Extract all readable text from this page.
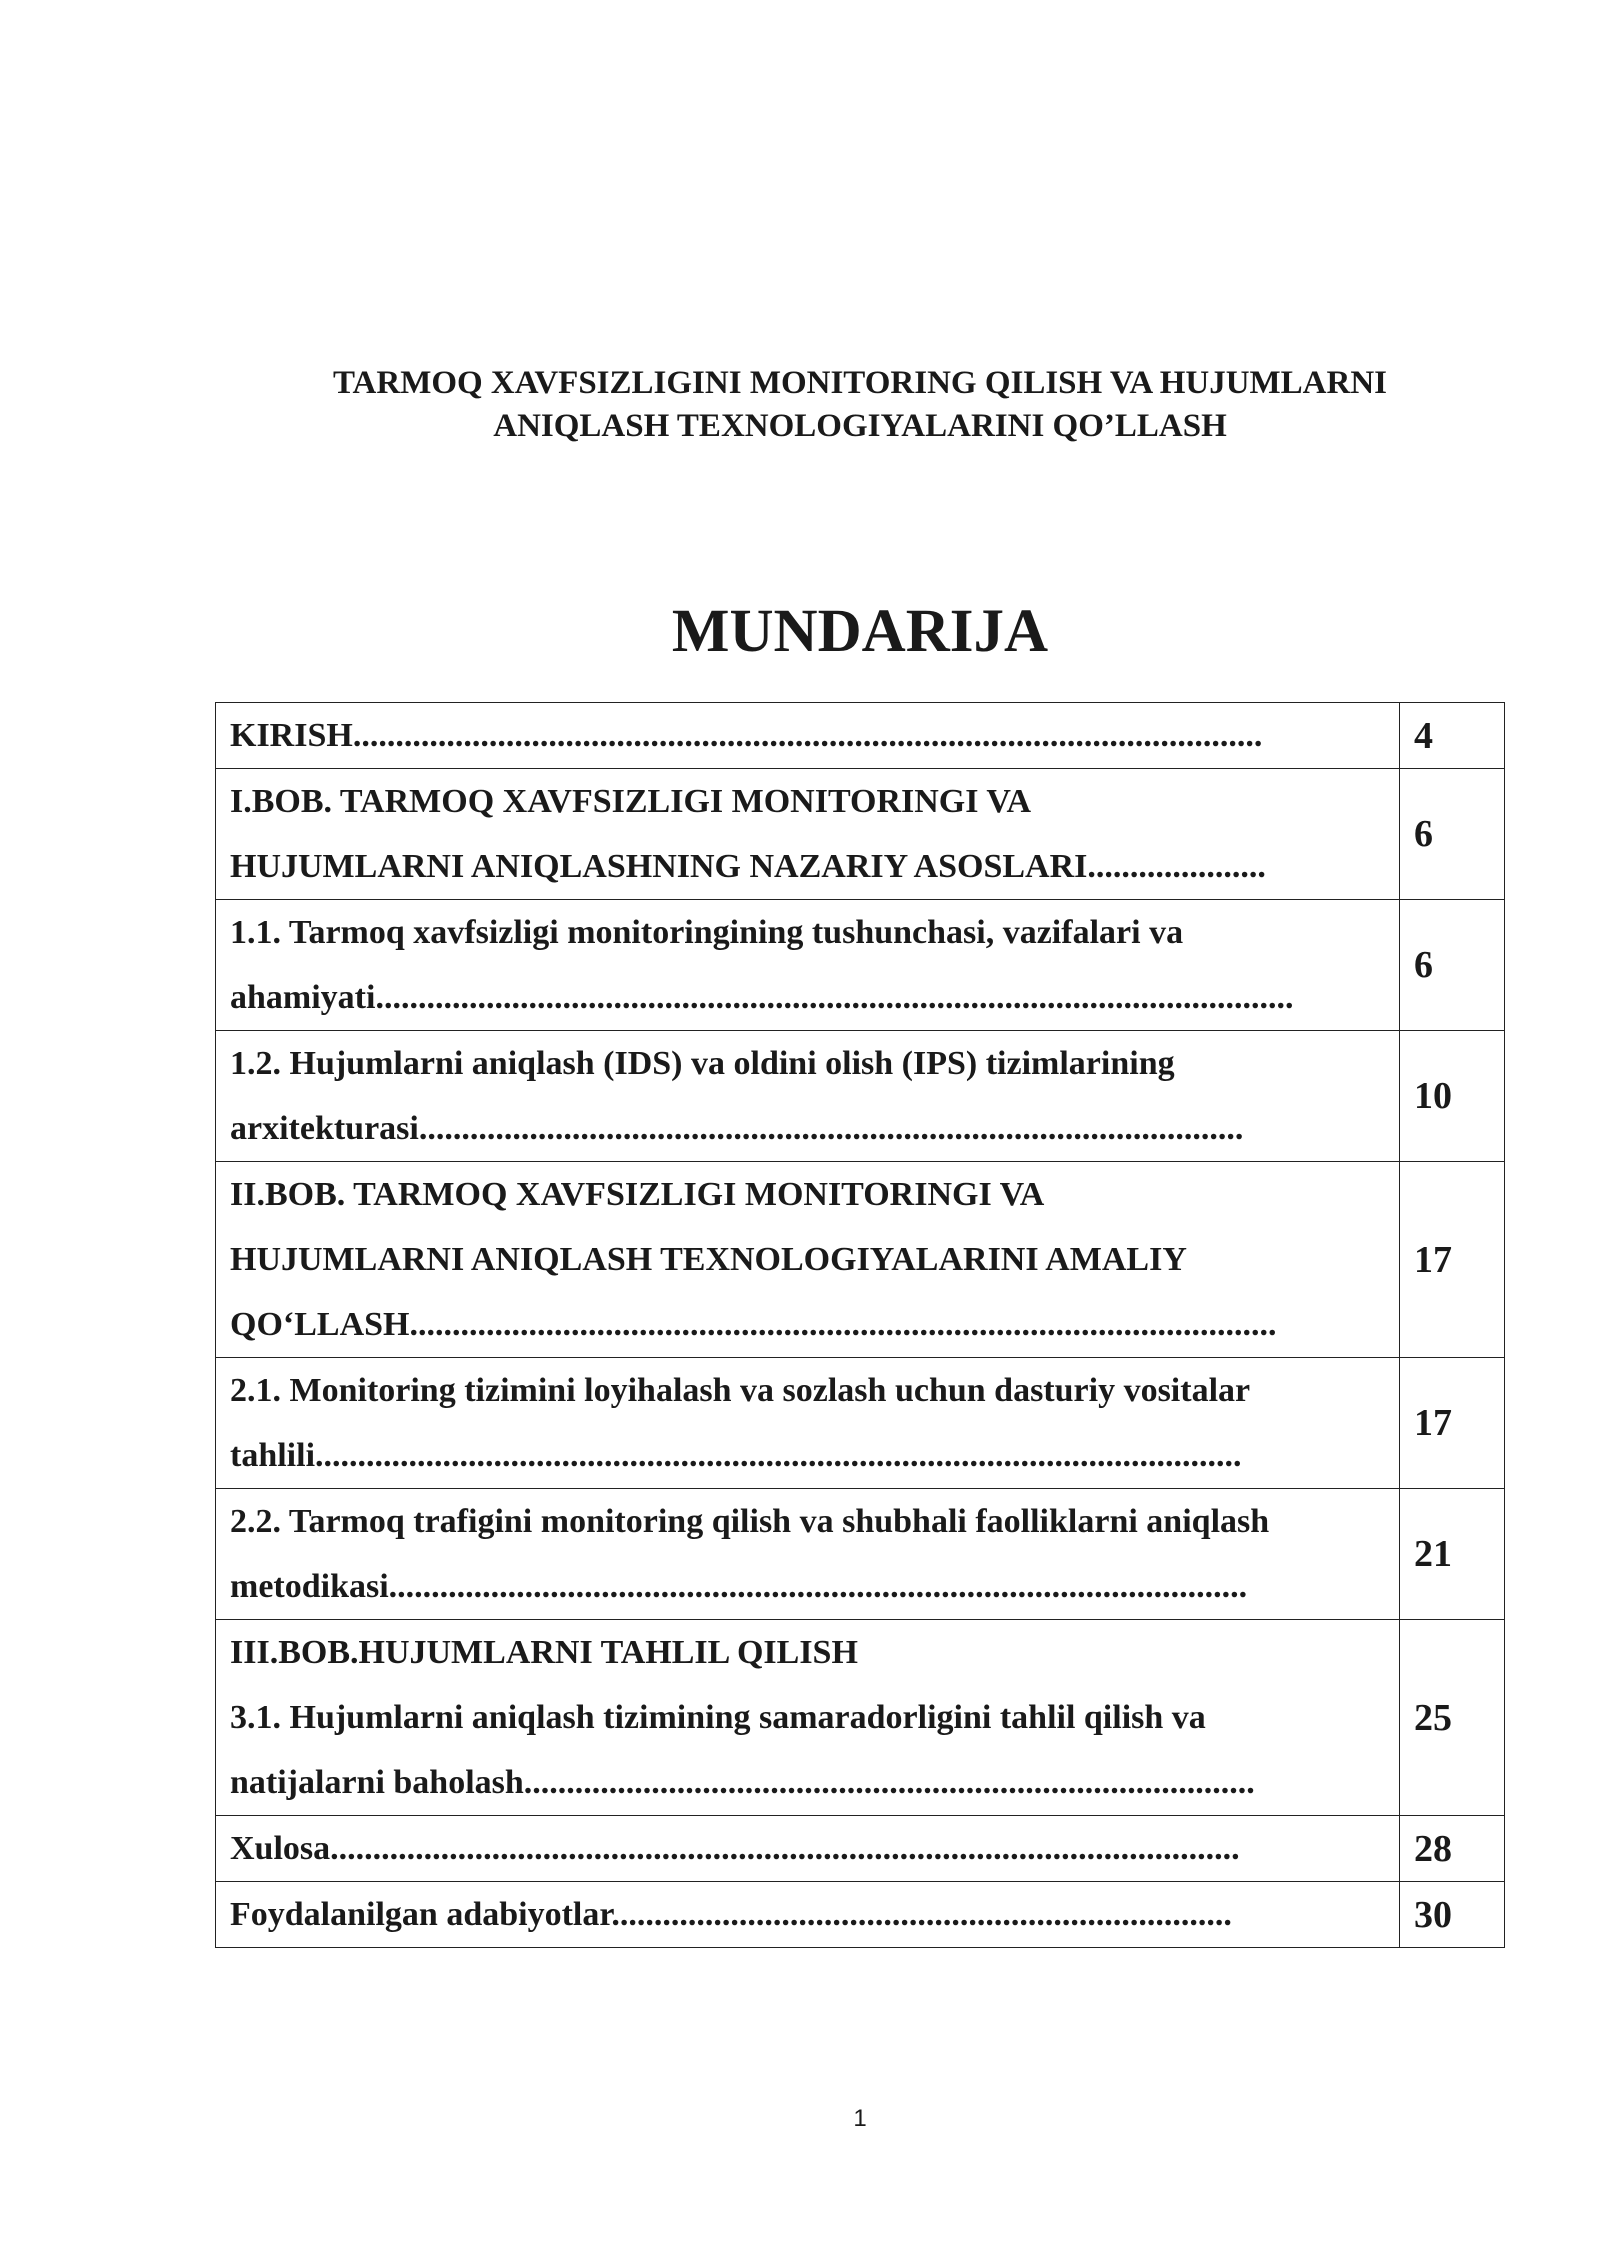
TARMOQ XAVFSIZLIGINI MONITORING QILISH VA HUJUMLARNI
ANIQLASH TEXNOLOGIYALARINI QO’LLASH
MUNDARIJA
KIRISH...........................................................................................................	4

I.BOB. TARMOQ XAVFSIZLIGI MONITORINGI VA
HUJUMLARNI ANIQLASHNING NAZARIY ASOSLARI.....................	6

1.1. Tarmoq xavfsizligi monitoringining tushunchasi, vazifalari va
ahamiyati............................................................................................................	6

1.2. Hujumlarni aniqlash (IDS) va oldini olish (IPS) tizimlarining
arxitekturasi.................................................................................................	10

II.BOB. TARMOQ XAVFSIZLIGI MONITORINGI VA
HUJUMLARNI ANIQLASH TEXNOLOGIYALARINI AMALIY
QO‘LLASH......................................................................................................	17

2.1. Monitoring tizimini loyihalash va sozlash uchun dasturiy vositalar
tahlili.............................................................................................................	17

2.2. Tarmoq trafigini monitoring qilish va shubhali faolliklarni aniqlash
metodikasi.....................................................................................................	21

III.BOB.HUJUMLARNI TAHLIL QILISH
3.1. Hujumlarni aniqlash tizimining samaradorligini tahlil qilish va
natijalarni baholash......................................................................................	25

Xulosa...........................................................................................................	28

Foydalanilgan adabiyotlar.........................................................................	30
1
